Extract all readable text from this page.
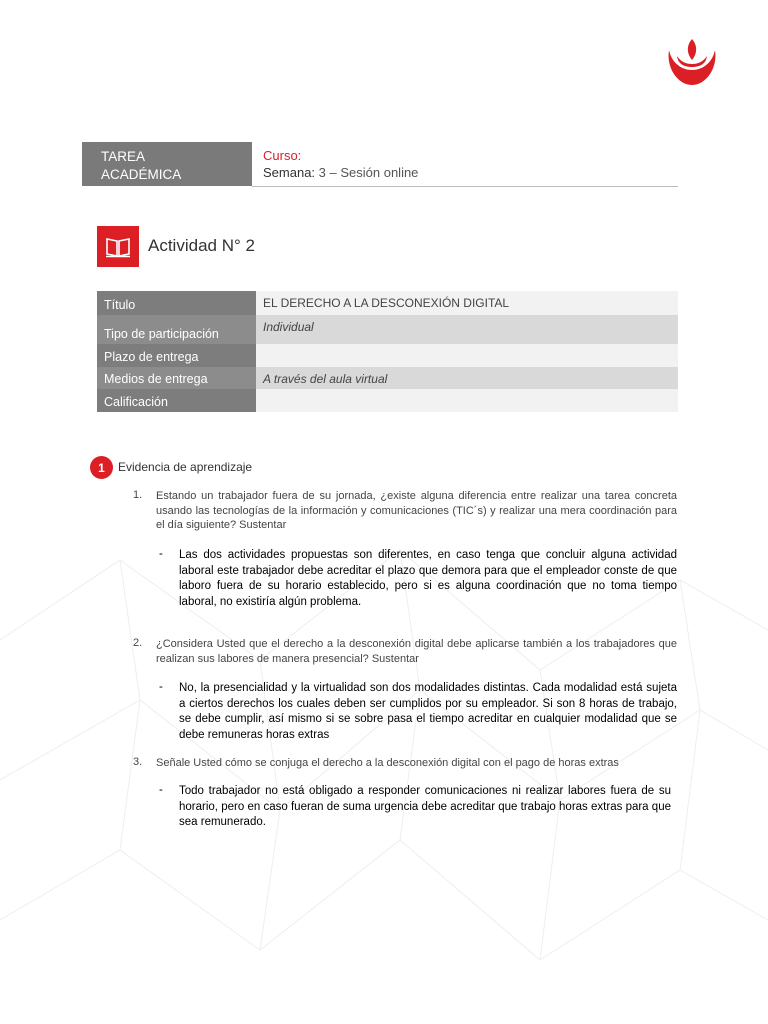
TAREA
ACADÉMICA
Curso:
Semana: 3 – Sesión online
Actividad N° 2
Título	EL DERECHO A LA DESCONEXIÓN DIGITAL
Tipo de participación	Individual
Plazo de entrega
Medios de entrega	A través del aula virtual
Calificación
1	Evidencia de aprendizaje
1. Estando un trabajador fuera de su jornada, ¿existe alguna diferencia entre realizar una tarea concreta usando las tecnologías de la información y comunicaciones (TIC´s) y realizar una mera coordinación para el día siguiente? Sustentar
- Las dos actividades propuestas son diferentes, en caso tenga que concluir alguna actividad laboral este trabajador debe acreditar el plazo que demora para que el empleador conste de que laboro fuera de su horario establecido, pero si es alguna coordinación que no toma tiempo laboral, no existiría algún problema.
2. ¿Considera Usted que el derecho a la desconexión digital debe aplicarse también a los trabajadores que realizan sus labores de manera presencial? Sustentar
- No, la presencialidad y la virtualidad son dos modalidades distintas. Cada modalidad está sujeta a ciertos derechos los cuales deben ser cumplidos por su empleador. Si son 8 horas de trabajo, se debe cumplir, así mismo si se sobre pasa el tiempo acreditar en cualquier modalidad que se debe remuneras horas extras
3. Señale Usted cómo se conjuga el derecho a la desconexión digital con el pago de horas extras
- Todo trabajador no está obligado a responder comunicaciones ni realizar labores fuera de su horario, pero en caso fueran de suma urgencia debe acreditar que trabajo horas extras para que sea remunerado.
